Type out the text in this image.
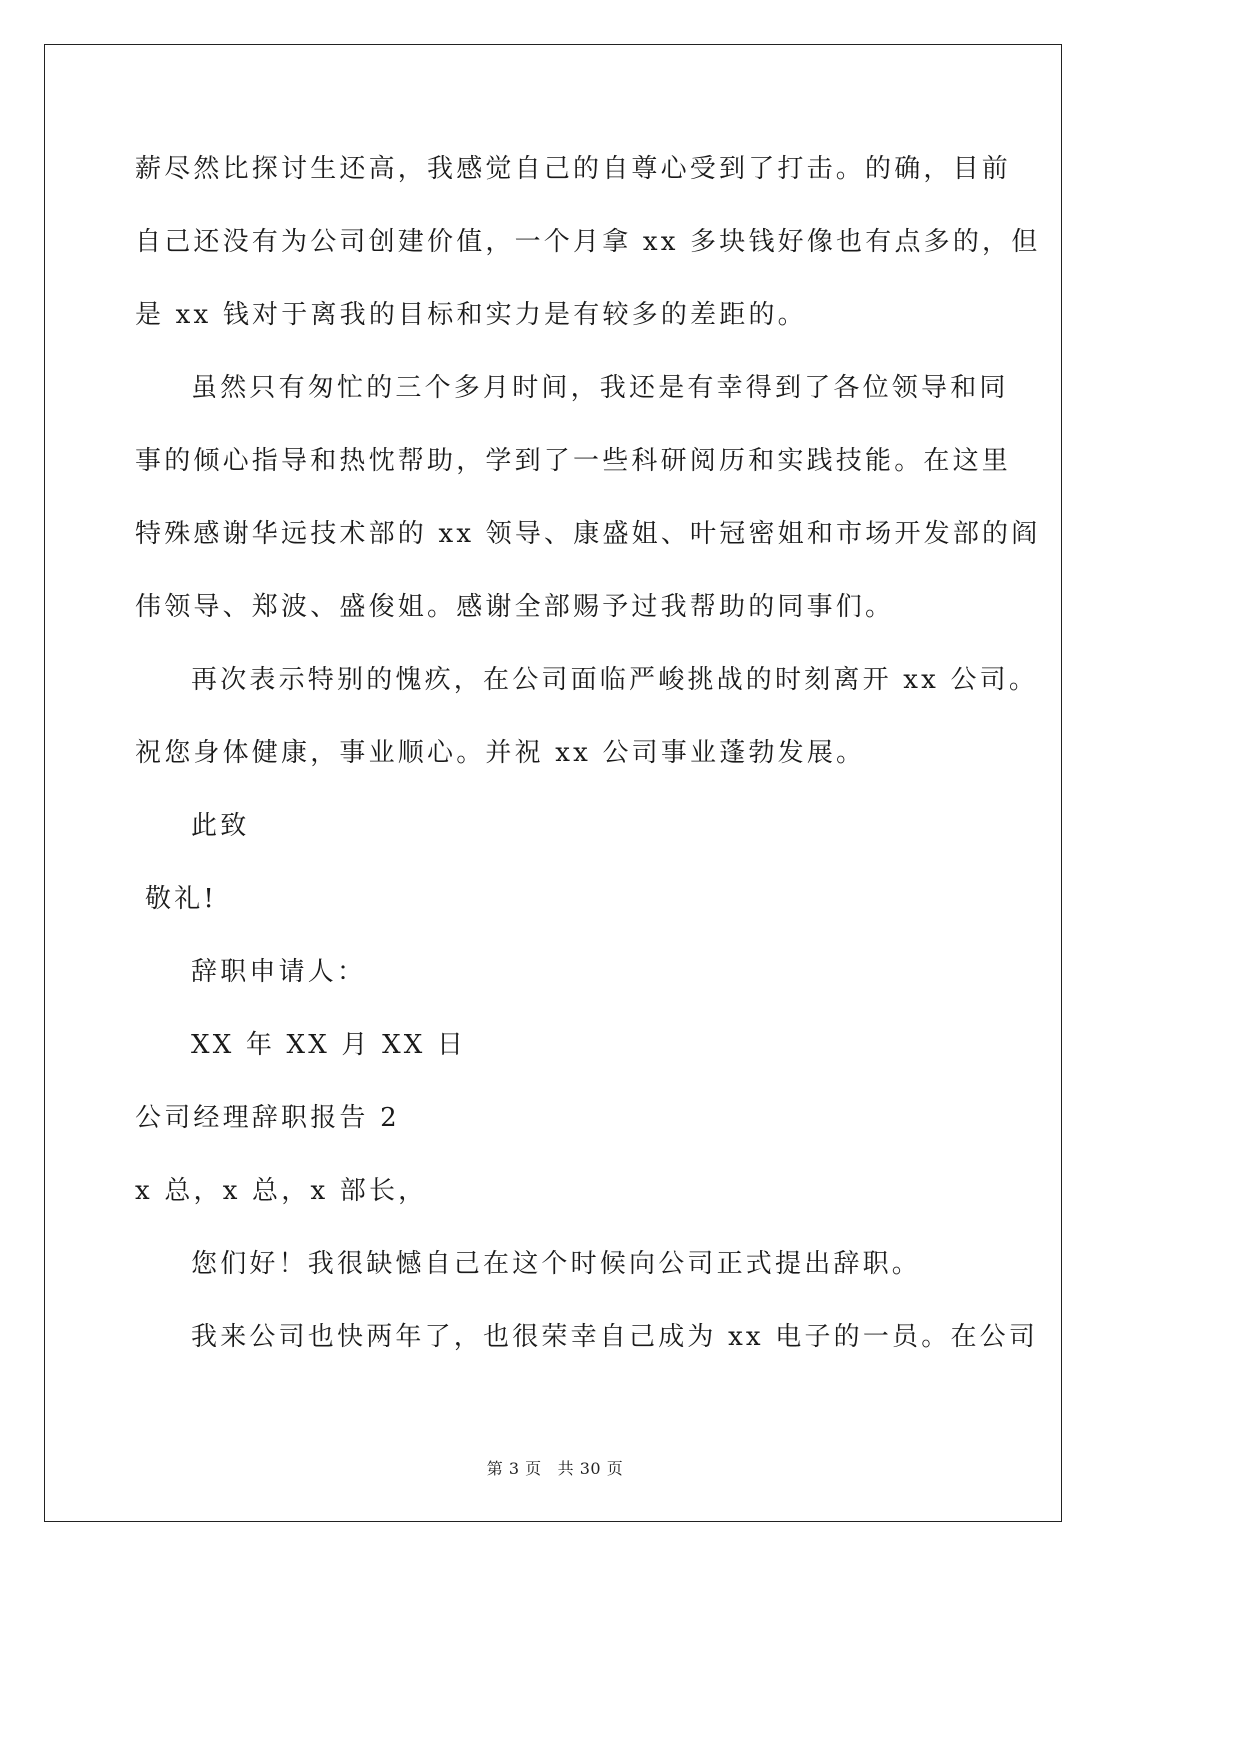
薪尽然比探讨生还高，我感觉自己的自尊心受到了打击。的确，目前
自己还没有为公司创建价值，一个月拿 xx 多块钱好像也有点多的，但
是 xx 钱对于离我的目标和实力是有较多的差距的。
虽然只有匆忙的三个多月时间，我还是有幸得到了各位领导和同
事的倾心指导和热忱帮助，学到了一些科研阅历和实践技能。在这里
特殊感谢华远技术部的 xx 领导、康盛姐、叶冠密姐和市场开发部的阎
伟领导、郑波、盛俊姐。感谢全部赐予过我帮助的同事们。
再次表示特别的愧疚，在公司面临严峻挑战的时刻离开 xx 公司。
祝您身体健康，事业顺心。并祝 xx 公司事业蓬勃发展。
此致
敬礼!
辞职申请人：
XX 年 XX 月 XX 日
公司经理辞职报告 2
x 总，x 总，x 部长，
您们好！我很缺憾自己在这个时候向公司正式提出辞职。
我来公司也快两年了，也很荣幸自己成为 xx 电子的一员。在公司
第 3 页 共 30 页
